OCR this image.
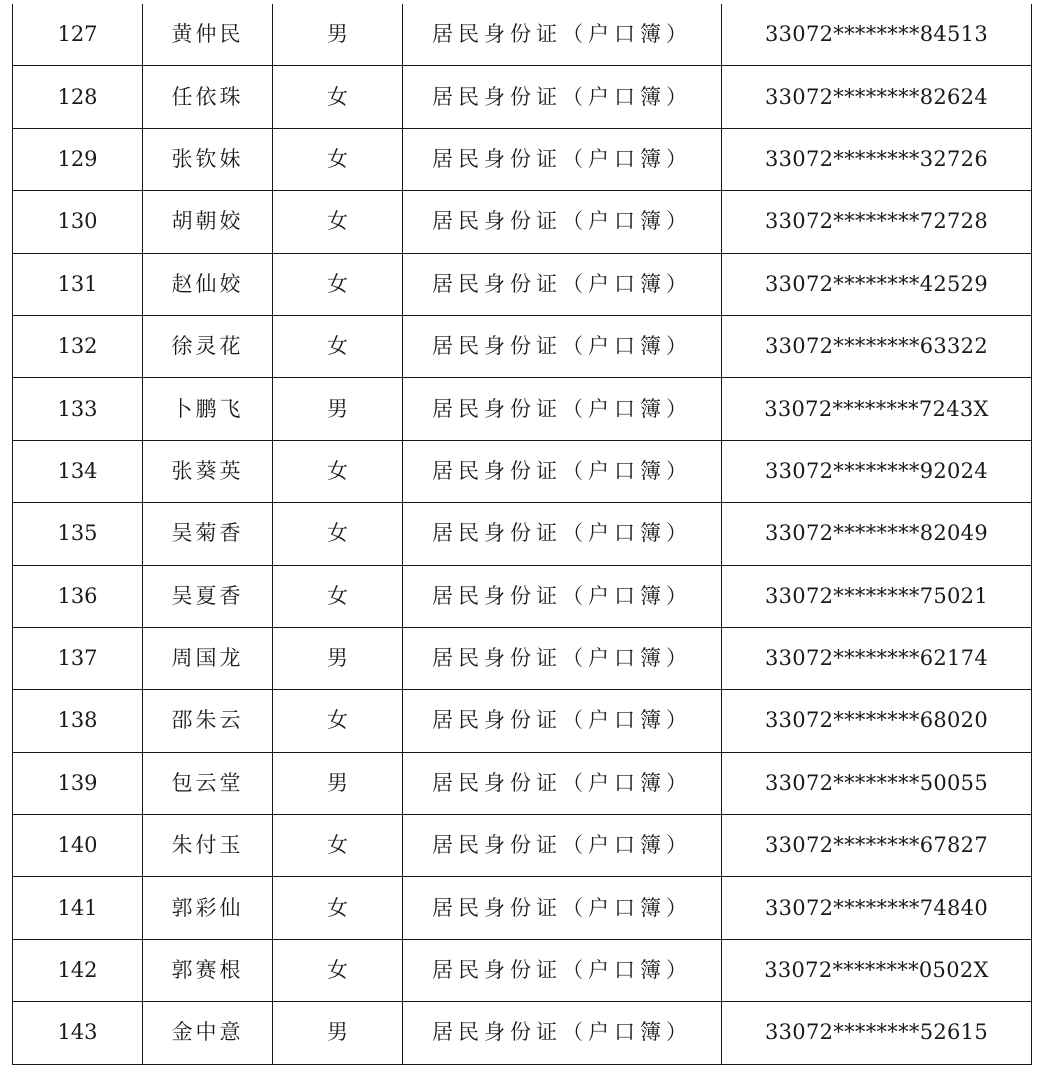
127	黄仲民	男	居民身份证（户口簿）	33072********84513
128	任依珠	女	居民身份证（户口簿）	33072********82624
129	张钦妹	女	居民身份证（户口簿）	33072********32726
130	胡朝姣	女	居民身份证（户口簿）	33072********72728
131	赵仙姣	女	居民身份证（户口簿）	33072********42529
132	徐灵花	女	居民身份证（户口簿）	33072********63322
133	卜鹏飞	男	居民身份证（户口簿）	33072********7243X
134	张葵英	女	居民身份证（户口簿）	33072********92024
135	吴菊香	女	居民身份证（户口簿）	33072********82049
136	吴夏香	女	居民身份证（户口簿）	33072********75021
137	周国龙	男	居民身份证（户口簿）	33072********62174
138	邵朱云	女	居民身份证（户口簿）	33072********68020
139	包云堂	男	居民身份证（户口簿）	33072********50055
140	朱付玉	女	居民身份证（户口簿）	33072********67827
141	郭彩仙	女	居民身份证（户口簿）	33072********74840
142	郭赛根	女	居民身份证（户口簿）	33072********0502X
143	金中意	男	居民身份证（户口簿）	33072********52615
